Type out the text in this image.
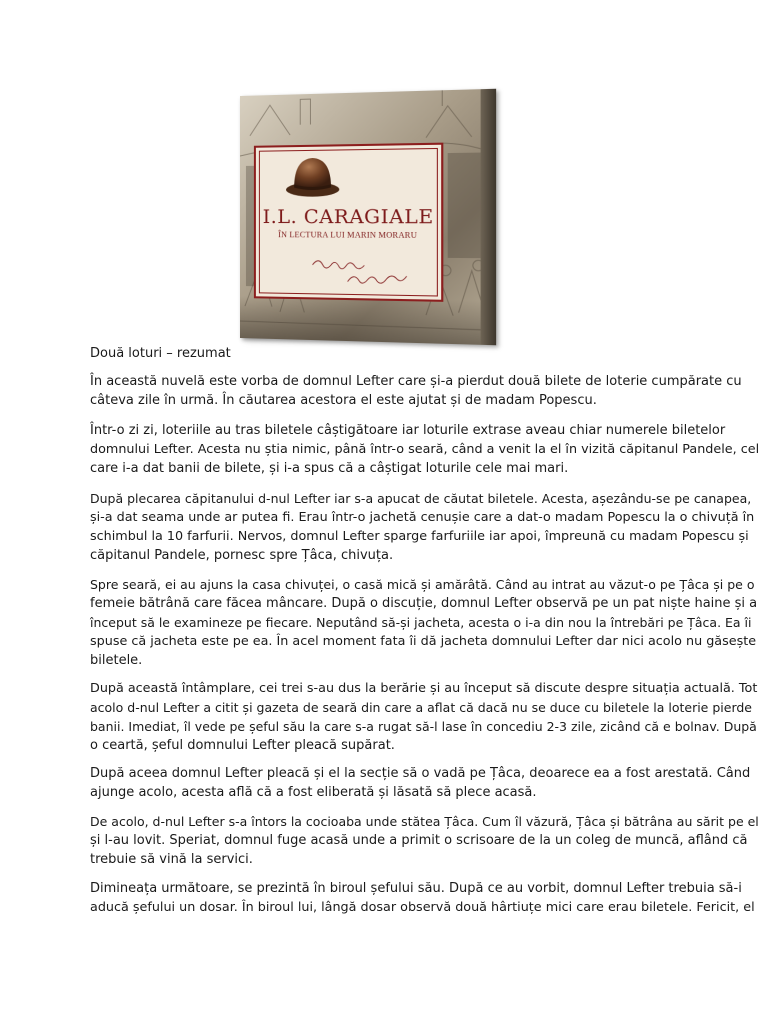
I.L. CARAGIALE
ÎN LECTURA LUI MARIN MORARU
Două loturi – rezumat

În această nuvelă este vorba de domnul Lefter care și-a pierdut două bilete de loterie cumpărate cu
câteva zile în urmă. În căutarea acestora el este ajutat și de madam Popescu.

Într-o zi zi, loteriile au tras biletele câștigătoare iar loturile extrase aveau chiar numerele biletelor
domnului Lefter. Acesta nu știa nimic, până într-o seară, când a venit la el în vizită căpitanul Pandele, cel
care i-a dat banii de bilete, și i-a spus că a câștigat loturile cele mai mari.

După plecarea căpitanului d-nul Lefter iar s-a apucat de căutat biletele. Acesta, așezându-se pe canapea,
și-a dat seama unde ar putea fi. Erau într-o jachetă cenușie care a dat-o madam Popescu la o chivuță în
schimbul la 10 farfurii. Nervos, domnul Lefter sparge farfuriile iar apoi, împreună cu madam Popescu și
căpitanul Pandele, pornesc spre Țâca, chivuța.

Spre seară, ei au ajuns la casa chivuței, o casă mică și amărâtă. Când au intrat au văzut-o pe Țâca și pe o
femeie bătrână care făcea mâncare. După o discuție, domnul Lefter observă pe un pat niște haine și a
început să le examineze pe fiecare. Neputând să-și jacheta, acesta o i-a din nou la întrebări pe Țâca. Ea îi
spuse că jacheta este pe ea. În acel moment fata îi dă jacheta domnului Lefter dar nici acolo nu găsește
biletele.

După această întâmplare, cei trei s-au dus la berărie și au început să discute despre situația actuală. Tot
acolo d-nul Lefter a citit și gazeta de seară din care a aflat că dacă nu se duce cu biletele la loterie pierde
banii. Imediat, îl vede pe șeful său la care s-a rugat să-l lase în concediu 2-3 zile, zicând că e bolnav. După
o ceartă, șeful domnului Lefter pleacă supărat.

După aceea domnul Lefter pleacă și el la secție să o vadă pe Țâca, deoarece ea a fost arestată. Când
ajunge acolo, acesta află că a fost eliberată și lăsată să plece acasă.

De acolo, d-nul Lefter s-a întors la cocioaba unde stătea Țâca. Cum îl văzură, Țâca și bătrâna au sărit pe el
și l-au lovit. Speriat, domnul fuge acasă unde a primit o scrisoare de la un coleg de muncă, aflând că
trebuie să vină la servici.

Dimineața următoare, se prezintă în biroul șefului său. După ce au vorbit, domnul Lefter trebuia să-i
aducă șefului un dosar. În biroul lui, lângă dosar observă două hârtiuțe mici care erau biletele. Fericit, el
